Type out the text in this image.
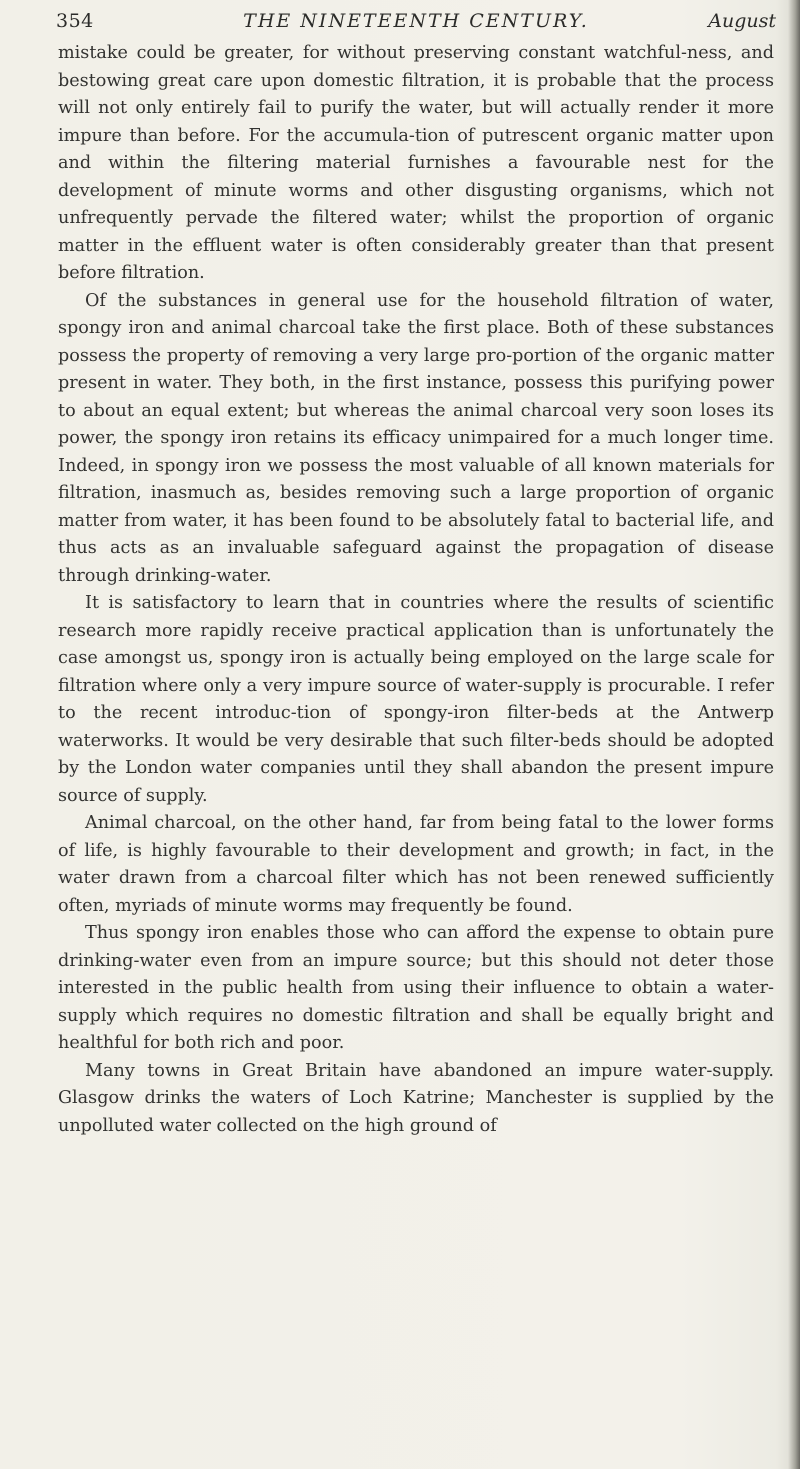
354	THE NINETEENTH CENTURY.	August

mistake could be greater, for without preserving constant watchful-ness, and bestowing great care upon domestic filtration, it is probable that the process will not only entirely fail to purify the water, but will actually render it more impure than before. For the accumula-tion of putrescent organic matter upon and within the filtering material furnishes a favourable nest for the development of minute worms and other disgusting organisms, which not unfrequently pervade the filtered water; whilst the proportion of organic matter in the effluent water is often considerably greater than that present before filtration.

Of the substances in general use for the household filtration of water, spongy iron and animal charcoal take the first place. Both of these substances possess the property of removing a very large pro-portion of the organic matter present in water. They both, in the first instance, possess this purifying power to about an equal extent; but whereas the animal charcoal very soon loses its power, the spongy iron retains its efficacy unimpaired for a much longer time. Indeed, in spongy iron we possess the most valuable of all known materials for filtration, inasmuch as, besides removing such a large proportion of organic matter from water, it has been found to be absolutely fatal to bacterial life, and thus acts as an invaluable safeguard against the propagation of disease through drinking-water.

It is satisfactory to learn that in countries where the results of scientific research more rapidly receive practical application than is unfortunately the case amongst us, spongy iron is actually being employed on the large scale for filtration where only a very impure source of water-supply is procurable. I refer to the recent introduc-tion of spongy-iron filter-beds at the Antwerp waterworks. It would be very desirable that such filter-beds should be adopted by the London water companies until they shall abandon the present impure source of supply.

Animal charcoal, on the other hand, far from being fatal to the lower forms of life, is highly favourable to their development and growth; in fact, in the water drawn from a charcoal filter which has not been renewed sufficiently often, myriads of minute worms may frequently be found.

Thus spongy iron enables those who can afford the expense to obtain pure drinking-water even from an impure source; but this should not deter those interested in the public health from using their influence to obtain a water-supply which requires no domestic filtration and shall be equally bright and healthful for both rich and poor.

Many towns in Great Britain have abandoned an impure water-supply. Glasgow drinks the waters of Loch Katrine; Manchester is supplied by the unpolluted water collected on the high ground of
